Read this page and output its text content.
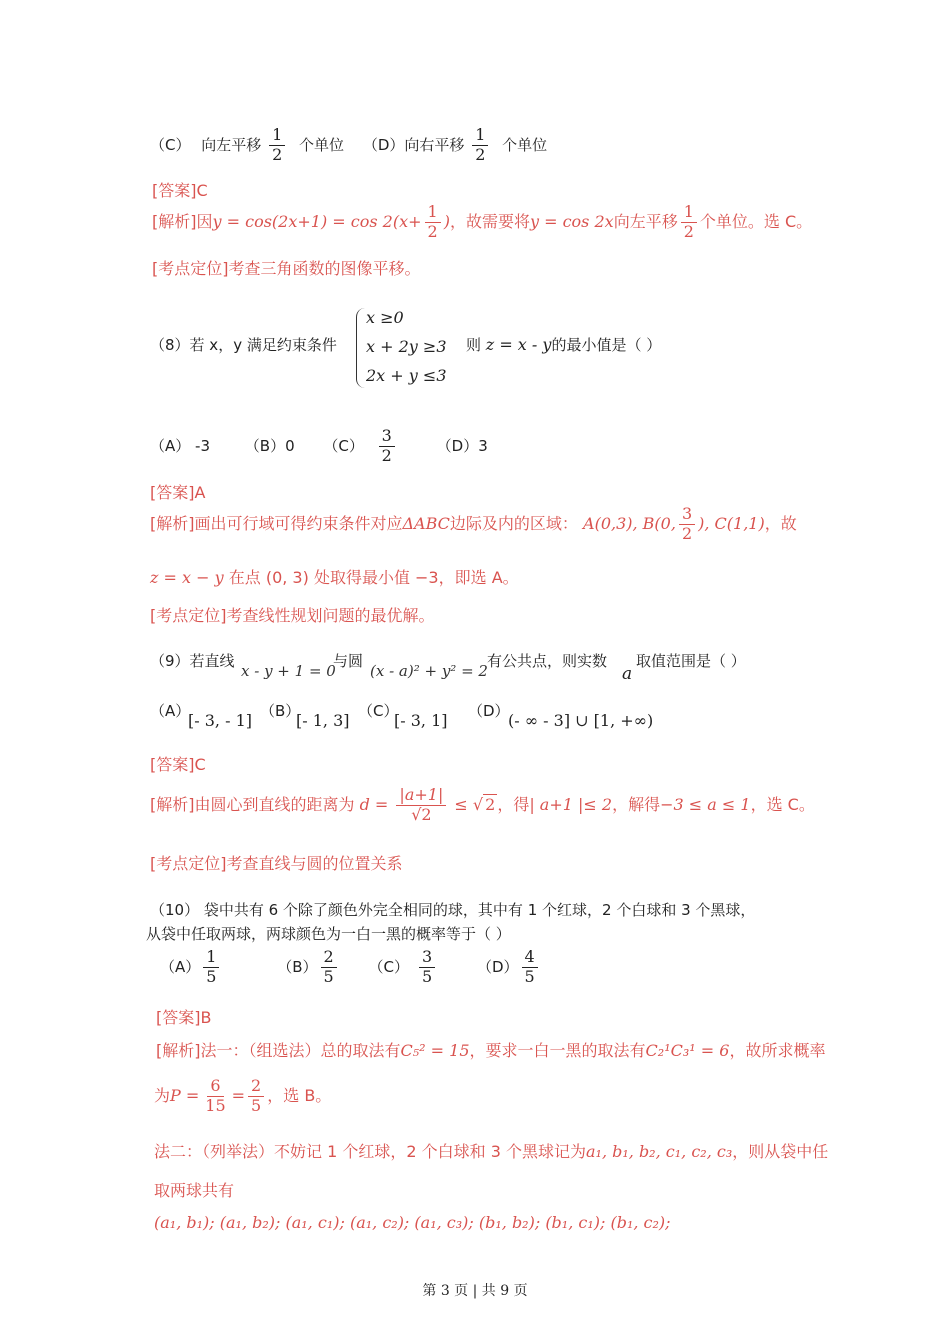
（C） 向左平移 $\frac{1}{2}$ 个单位 （D）向右平移 $\frac{1}{2}$ 个单位
[答案]C
[解析]因$y = \cos(2x+1) = \cos 2(x+ \frac{1}{2}$ )，故需要将y = cos 2x向左平移 $\frac{1}{2}$ 个单位。选 C。
[考点定位]考查三角函数的图像平移。
（8）若 x，y 满足约束条件
x ≥0
x + 2y ≥3
2x + y ≤3
则 z = x - y的最小值是（ ）
（A） -3 （B）0 $(C) \frac{3}{2}$	（D）3
[答案]A
[解析]画出可行域可得约束条件对应ΔABC边际及内的区域： A(0,3), B(0, $\frac{3}{2}$ ), C(1,1)，故
z = x − y 在点 (0, 3) 处取得最小值 −3，即选 A。
[考点定位]考查线性规划问题的最优解。
（9）若直线
x - y + 1 = 0
与圆
(x - a)² + y² = 2
有公共点，则实数
a
取值范围是（ ）
（A）
[- 3, - 1] （B）
[- 1, 3] （C）
[- 3, 1] （D）
(- ∞ - 3] ∪ [1, +∞)
[答案]C
[解析]由圆心到直线的距离为 $d = \frac{|a+1|}{√2}$ ≤ √ 2 ，得| a+1 |≤ 2，解得−3 ≤ a ≤ 1，选 C。
[考点定位]考查直线与圆的位置关系
（10） 袋中共有 6 个除了颜色外完全相同的球，其中有 1 个红球，2 个白球和 3 个黑球，
从袋中任取两球，两球颜色为一白一黑的概率等于（ ）
$(A) \frac{1}{5}$	$(B) \frac{2}{5} (C) \frac{3}{5}$	$(D) \frac{4}{5}$
[答案]B
[解析]法一：（组选法）总的取法有C₅² = 15，要求一白一黑的取法有C₂¹C₃¹ = 6，故所求概率
为$P = \frac{6}{15} = \frac{2}{5}$ ，选 B。
法二：（列举法）不妨记 1 个红球，2 个白球和 3 个黑球记为a₁, b₁, b₂, c₁, c₂, c₃，则从袋中任
取两球共有
(a₁, b₁); (a₁, b₂); (a₁, c₁); (a₁, c₂); (a₁, c₃); (b₁, b₂); (b₁, c₁); (b₁, c₂);
第 3 页 | 共 9 页
